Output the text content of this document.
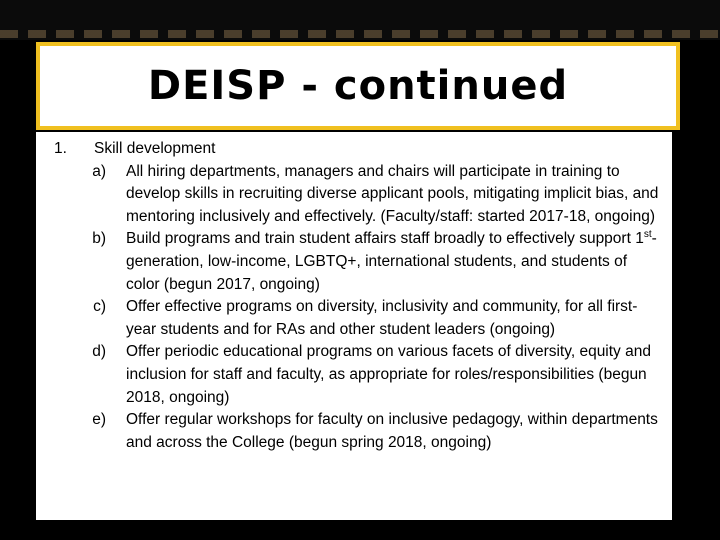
DEISP - continued
1.	Skill development
a)	All hiring departments, managers and chairs will participate in training to develop skills in recruiting diverse applicant pools, mitigating implicit bias, and mentoring inclusively and effectively. (Faculty/staff: started 2017-18, ongoing)
b)	Build programs and train student affairs staff broadly to effectively support 1st-generation, low-income, LGBTQ+, international students, and students of color (begun 2017, ongoing)
c)	Offer effective programs on diversity, inclusivity and community, for all first-year students and for RAs and other student leaders (ongoing)
d)	Offer periodic educational programs on various facets of diversity, equity and inclusion for staff and faculty, as appropriate for roles/responsibilities (begun 2018, ongoing)
e)	Offer regular workshops for faculty on inclusive pedagogy, within departments and across the College (begun spring 2018, ongoing)
